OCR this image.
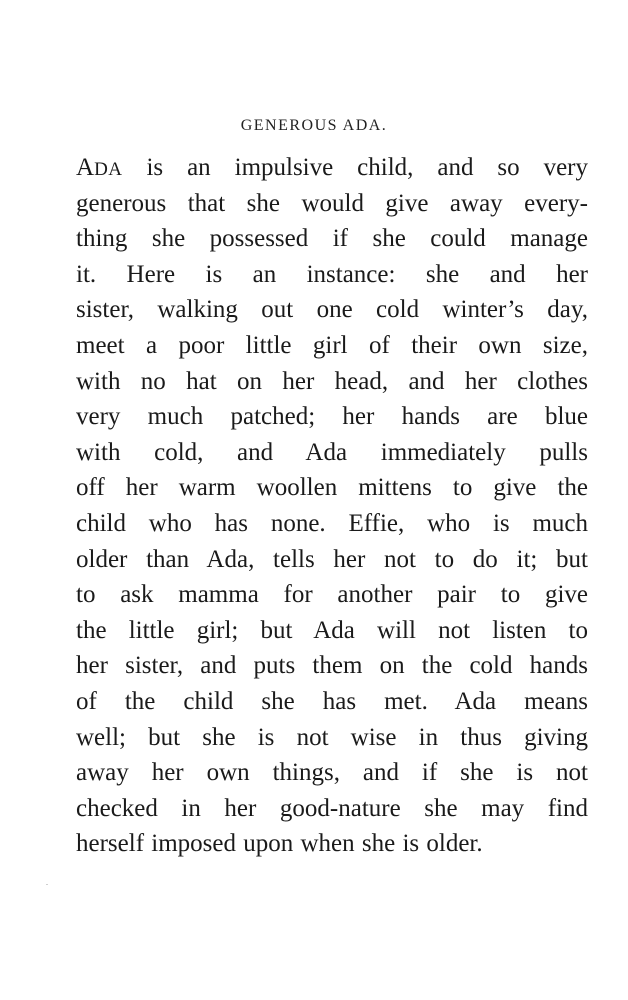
GENEROUS ADA.
ADA is an impulsive child, and so very
generous that she would give away every-
thing she possessed if she could manage
it. Here is an instance: she and her
sister, walking out one cold winter’s day,
meet a poor little girl of their own size,
with no hat on her head, and her clothes
very much patched; her hands are blue
with cold, and Ada immediately pulls
off her warm woollen mittens to give the
child who has none. Effie, who is much
older than Ada, tells her not to do it; but
to ask mamma for another pair to give
the little girl; but Ada will not listen to
her sister, and puts them on the cold hands
of the child she has met. Ada means
well; but she is not wise in thus giving
away her own things, and if she is not
checked in her good-nature she may find
herself imposed upon when she is older.
